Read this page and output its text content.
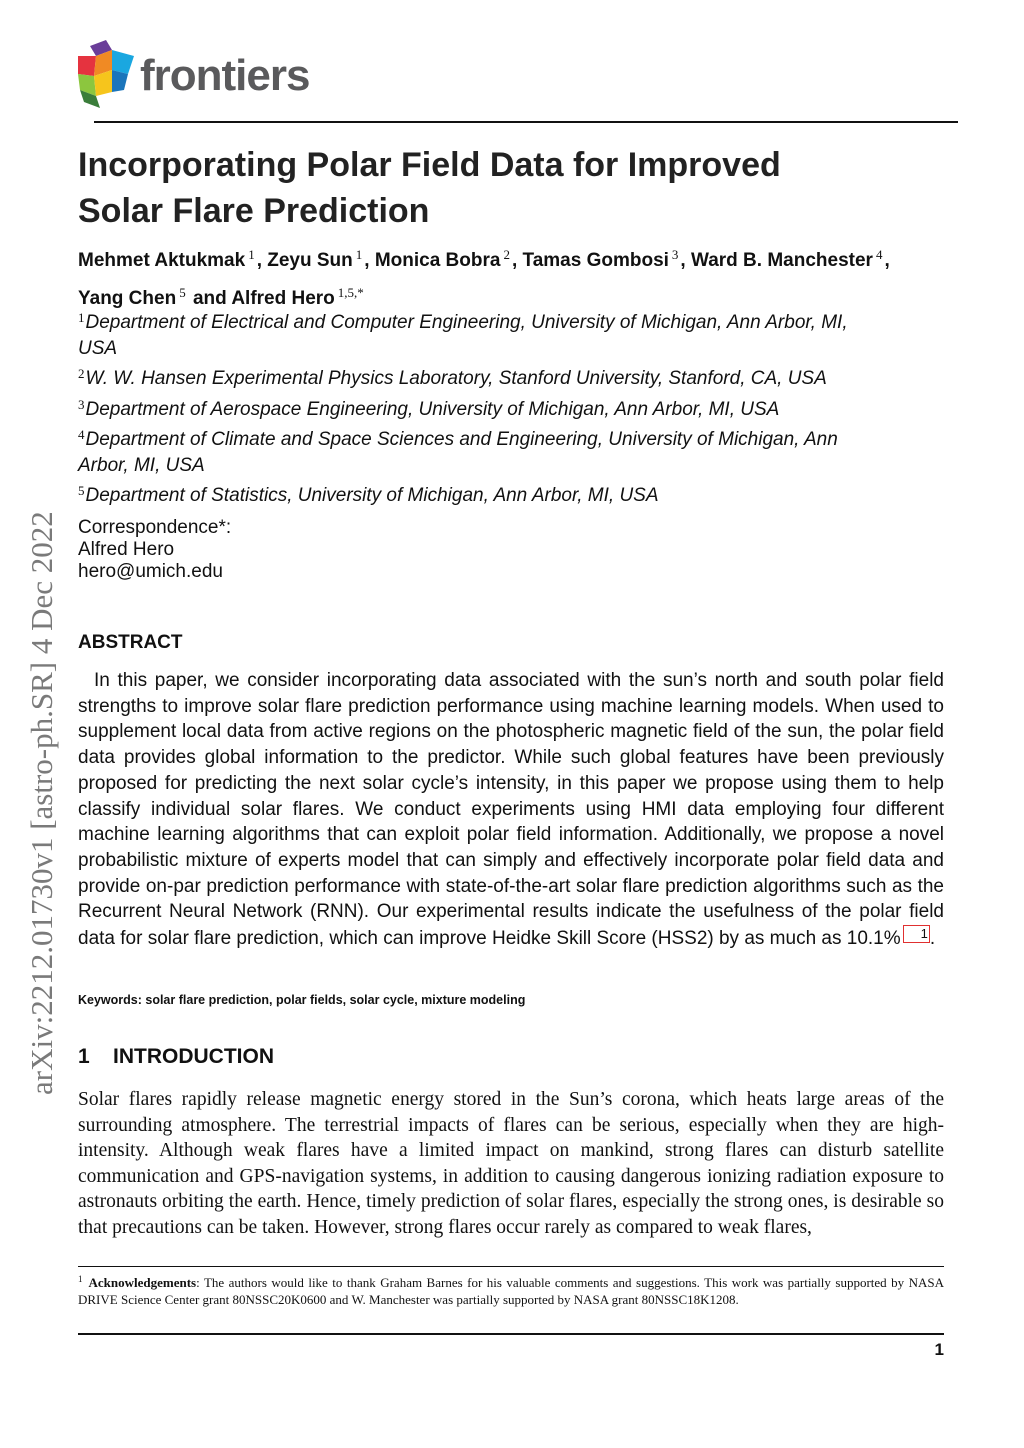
frontiers
arXiv:2212.01730v1 [astro-ph.SR] 4 Dec 2022
Incorporating Polar Field Data for Improved
Solar Flare Prediction
Mehmet Aktukmak $^1$ , Zeyu Sun $^1$ , Monica Bobra $^2$ , Tamas Gombosi $^3$ , Ward B. Manchester $^4$ , Yang Chen $^5$ and Alfred Hero $^{1,5,*}$
$^1$Department of Electrical and Computer Engineering, University of Michigan, Ann Arbor, MI, USA
$^2$W. W. Hansen Experimental Physics Laboratory, Stanford University, Stanford, CA, USA
$^3$Department of Aerospace Engineering, University of Michigan, Ann Arbor, MI, USA
$^4$Department of Climate and Space Sciences and Engineering, University of Michigan, Ann Arbor, MI, USA
$^5$Department of Statistics, University of Michigan, Ann Arbor, MI, USA
Correspondence*:
Alfred Hero
hero@umich.edu
ABSTRACT

In this paper, we consider incorporating data associated with the sun’s north and south polar field strengths to improve solar flare prediction performance using machine learning models. When used to supplement local data from active regions on the photospheric magnetic field of the sun, the polar field data provides global information to the predictor. While such global features have been previously proposed for predicting the next solar cycle’s intensity, in this paper we propose using them to help classify individual solar flares. We conduct experiments using HMI data employing four different machine learning algorithms that can exploit polar field information. Additionally, we propose a novel probabilistic mixture of experts model that can simply and effectively incorporate polar field data and provide on-par prediction performance with state-of-the-art solar flare prediction algorithms such as the Recurrent Neural Network (RNN). Our experimental results indicate the usefulness of the polar field data for solar flare prediction, which can improve Heidke Skill Score (HSS2) by as much as 10.1% 1 .

Keywords: solar flare prediction, polar fields, solar cycle, mixture modeling
1 INTRODUCTION

Solar flares rapidly release magnetic energy stored in the Sun’s corona, which heats large areas of the surrounding atmosphere. The terrestrial impacts of flares can be serious, especially when they are high-intensity. Although weak flares have a limited impact on mankind, strong flares can disturb satellite communication and GPS-navigation systems, in addition to causing dangerous ionizing radiation exposure to astronauts orbiting the earth. Hence, timely prediction of solar flares, especially the strong ones, is desirable so that precautions can be taken. However, strong flares occur rarely as compared to weak flares,

$^1$ Acknowledgements: The authors would like to thank Graham Barnes for his valuable comments and suggestions. This work was partially supported by NASA DRIVE Science Center grant 80NSSC20K0600 and W. Manchester was partially supported by NASA grant 80NSSC18K1208.

1
